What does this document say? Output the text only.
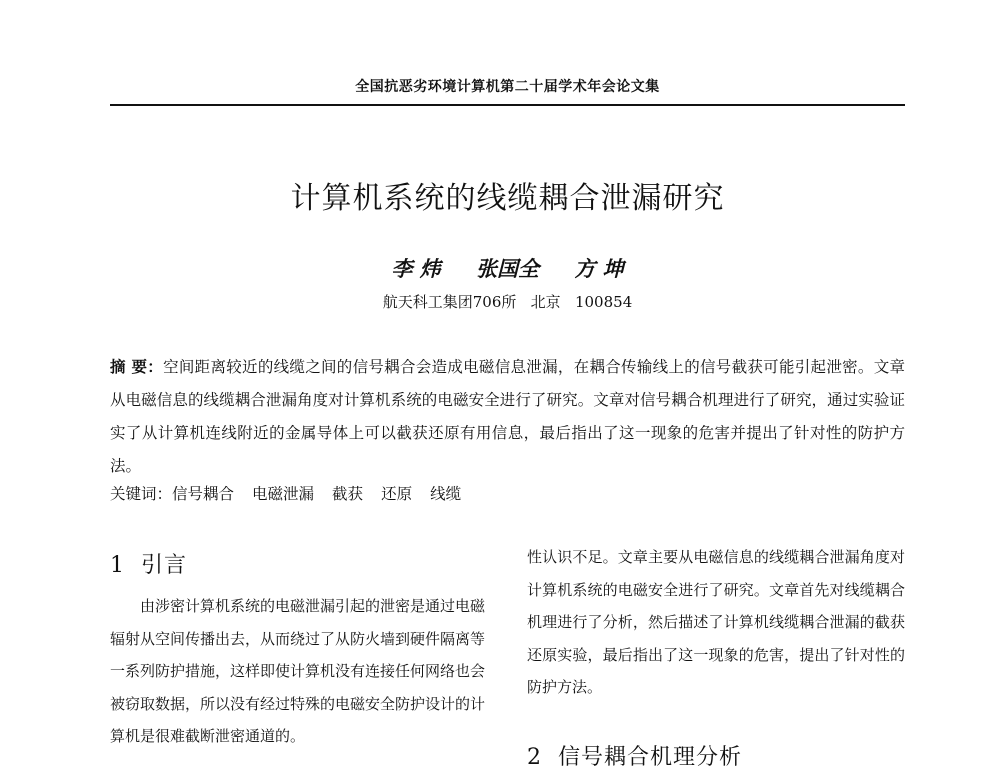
全国抗恶劣环境计算机第二十届学术年会论文集
计算机系统的线缆耦合泄漏研究
李 炜 张国全 方 坤
航天科工集团706所   北京   100854
摘 要：空间距离较近的线缆之间的信号耦合会造成电磁信息泄漏，在耦合传输线上的信号截获可能引起泄密。文章从电磁信息的线缆耦合泄漏角度对计算机系统的电磁安全进行了研究。文章对信号耦合机理进行了研究，通过实验证实了从计算机连线附近的金属导体上可以截获还原有用信息，最后指出了这一现象的危害并提出了针对性的防护方法。
关键词：信号耦合 电磁泄漏 截获 还原 线缆
1 引言
由涉密计算机系统的电磁泄漏引起的泄密是通过电磁辐射从空间传播出去，从而绕过了从防火墙到硬件隔离等一系列防护措施，这样即使计算机没有连接任何网络也会被窃取数据，所以没有经过特殊的电磁安全防护设计的计算机是很难截断泄密通道的。
性认识不足。文章主要从电磁信息的线缆耦合泄漏角度对计算机系统的电磁安全进行了研究。文章首先对线缆耦合机理进行了分析，然后描述了计算机线缆耦合泄漏的截获还原实验，最后指出了这一现象的危害，提出了针对性的防护方法。
2 信号耦合机理分析
